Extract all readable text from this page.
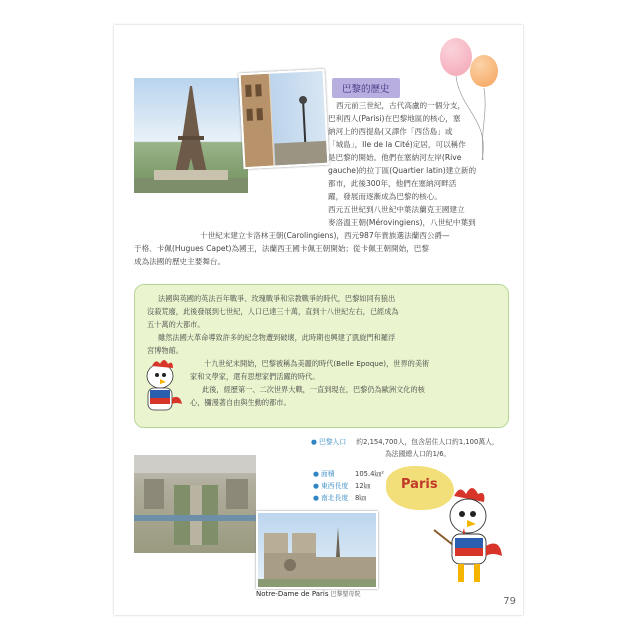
巴黎的歷史

西元前三世紀，古代高盧的一個分支，

巴利西人(Parisi)在巴黎地區的核心，塞

納河上的西提島(又譯作「西岱島」或

「城島」，Ile de la Cité)定居，可以稱作

是巴黎的開始。他們在塞納河左岸(Rive

gauche)的拉丁區(Quartier latin)建立新的

都市，此後300年，他們在塞納河畔活

躍，發展而逐漸成為巴黎的核心。

西元五世紀到八世紀中葉法蘭克王國建立

麥洛溫王朝(Mérovingiens)，八世紀中葉到

十世紀末建立卡洛林王朝(Carolingiens)，西元987年貴族選法蘭西公爵—

于格．卡佩(Hugues Capet)為國王，法蘭西王國卡佩王朝開始；從卡佩王朝開始，巴黎

成為法國的歷史主要舞台。

法國與英國的英法百年戰爭、玫瑰戰爭和宗教戰爭的時代，巴黎如同有狼出

沒殺荒廢，此後發展到七世紀，人口已達三十萬，直到十八世紀左右，已經成為

五十萬的大都市。

雖然法國大革命導致許多的紀念物遭到破壞，此時期也興建了凱旋門和羅浮

宮博物館。

十九世紀末開始，巴黎被稱為美麗的時代(Belle Epoque)，世界的美術

家和文學家，還有思想家們活躍的時代。

此後，經歷第一、二次世界大戰，一直到現在，巴黎仍為歐洲文化的核

心，獼漫著自由與生動的都市。

Notre-Dame de Paris 巴黎聖母院
● 巴黎人口 約2,154,700人，包含居住人口約1,100萬人，
為法國總人口的1/6。
● 面積	105.4㎞²
● 東西長度 12㎞
● 南北長度 8㎞
Paris
79
